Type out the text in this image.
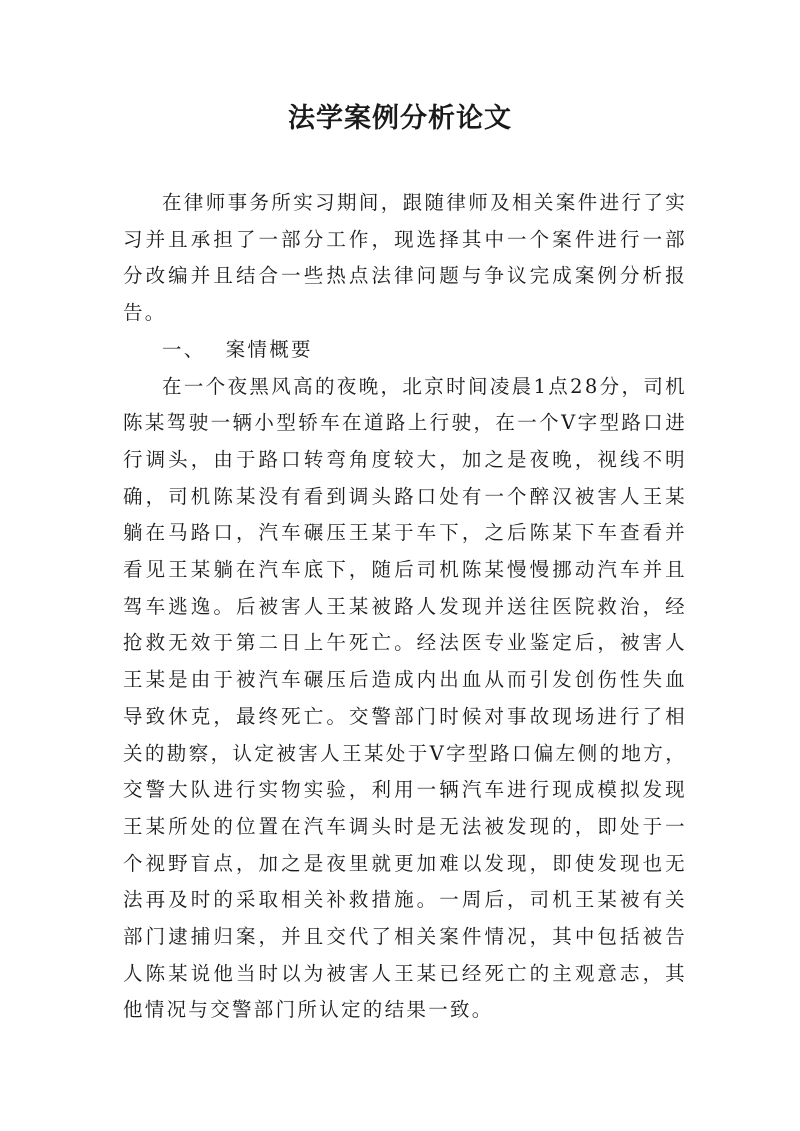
法学案例分析论文

在律师事务所实习期间，跟随律师及相关案件进行了实习并且承担了一部分工作，现选择其中一个案件进行一部分改编并且结合一些热点法律问题与争议完成案例分析报告。

一、 案情概要

在一个夜黑风高的夜晚，北京时间凌晨1点28分，司机陈某驾驶一辆小型轿车在道路上行驶，在一个V字型路口进行调头，由于路口转弯角度较大，加之是夜晚，视线不明确，司机陈某没有看到调头路口处有一个醉汉被害人王某躺在马路口，汽车碾压王某于车下，之后陈某下车查看并看见王某躺在汽车底下，随后司机陈某慢慢挪动汽车并且驾车逃逸。后被害人王某被路人发现并送往医院救治，经抢救无效于第二日上午死亡。经法医专业鉴定后，被害人王某是由于被汽车碾压后造成内出血从而引发创伤性失血导致休克，最终死亡。交警部门时候对事故现场进行了相关的勘察，认定被害人王某处于V字型路口偏左侧的地方，交警大队进行实物实验，利用一辆汽车进行现成模拟发现王某所处的位置在汽车调头时是无法被发现的，即处于一个视野盲点，加之是夜里就更加难以发现，即使发现也无法再及时的采取相关补救措施。一周后，司机王某被有关部门逮捕归案，并且交代了相关案件情况，其中包括被告人陈某说他当时以为被害人王某已经死亡的主观意志，其他情况与交警部门所认定的结果一致。
